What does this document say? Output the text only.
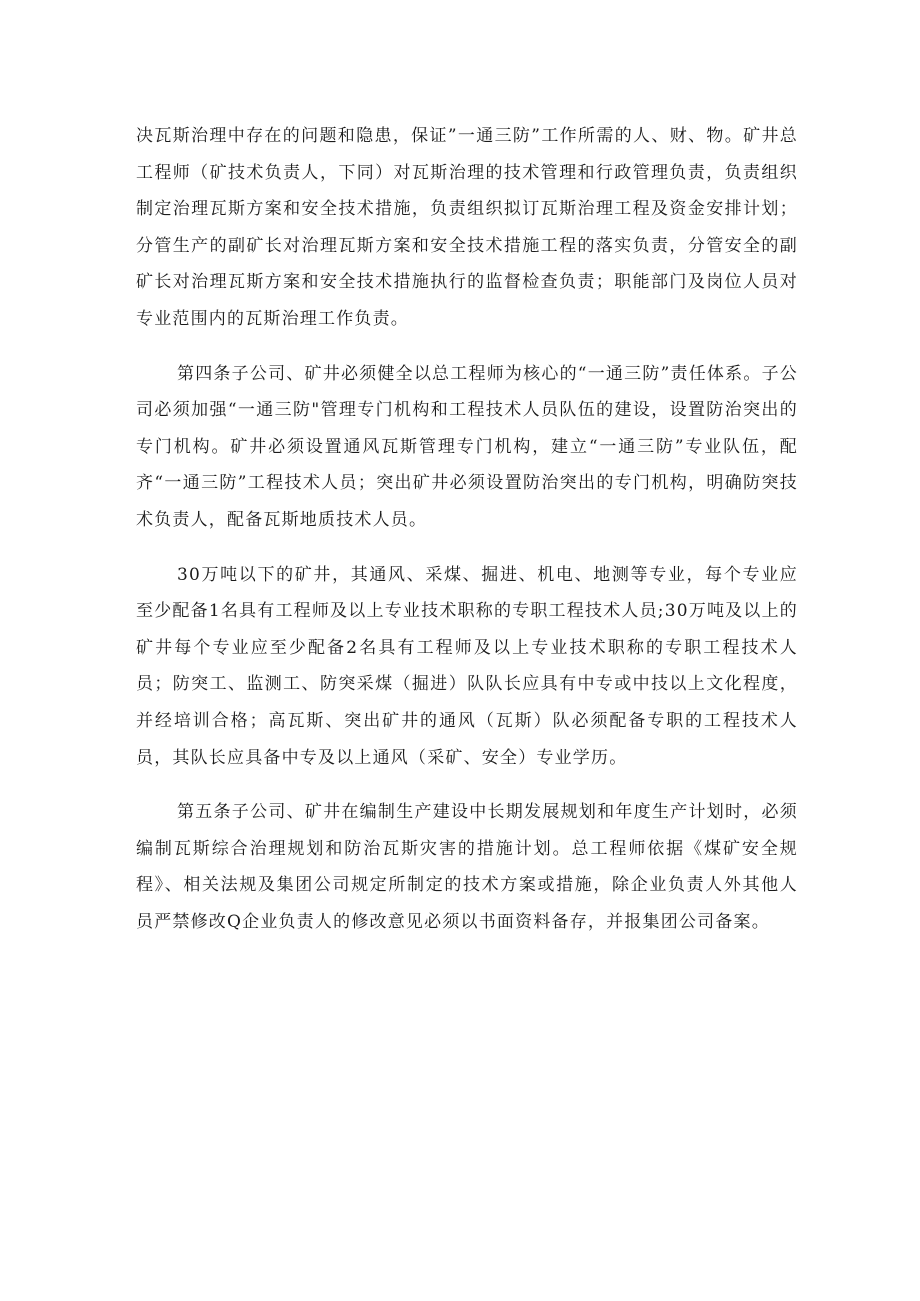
决瓦斯治理中存在的问题和隐患，保证”一通三防”工作所需的人、财、物。矿井总工程师（矿技术负责人，下同）对瓦斯治理的技术管理和行政管理负责，负责组织制定治理瓦斯方案和安全技术措施，负责组织拟订瓦斯治理工程及资金安排计划；分管生产的副矿长对治理瓦斯方案和安全技术措施工程的落实负责，分管安全的副矿长对治理瓦斯方案和安全技术措施执行的监督检查负责；职能部门及岗位人员对专业范围内的瓦斯治理工作负责。

第四条子公司、矿井必须健全以总工程师为核心的“一通三防”责任体系。子公司必须加强“一通三防"管理专门机构和工程技术人员队伍的建设，设置防治突出的专门机构。矿井必须设置通风瓦斯管理专门机构，建立“一通三防”专业队伍，配齐“一通三防”工程技术人员；突出矿井必须设置防治突出的专门机构，明确防突技术负责人，配备瓦斯地质技术人员。

30万吨以下的矿井，其通风、采煤、掘进、机电、地测等专业，每个专业应至少配备1名具有工程师及以上专业技术职称的专职工程技术人员;30万吨及以上的矿井每个专业应至少配备2名具有工程师及以上专业技术职称的专职工程技术人员；防突工、监测工、防突采煤（掘进）队队长应具有中专或中技以上文化程度，并经培训合格；高瓦斯、突出矿井的通风（瓦斯）队必须配备专职的工程技术人员，其队长应具备中专及以上通风（采矿、安全）专业学历。

第五条子公司、矿井在编制生产建设中长期发展规划和年度生产计划时，必须编制瓦斯综合治理规划和防治瓦斯灾害的措施计划。总工程师依据《煤矿安全规程》、相关法规及集团公司规定所制定的技术方案或措施，除企业负责人外其他人员严禁修改Q企业负责人的修改意见必须以书面资料备存，并报集团公司备案。
